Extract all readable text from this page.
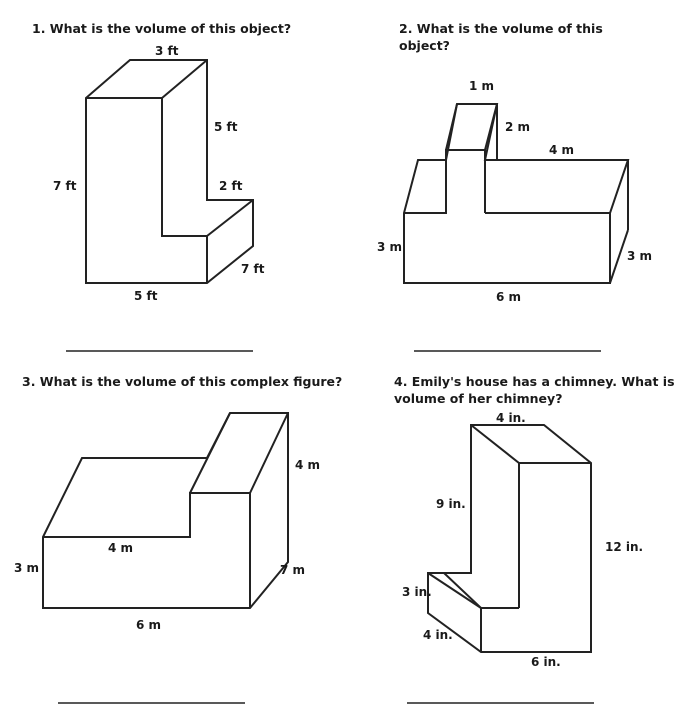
1. What is the volume of this object?	2. What is the volume of this object?
3. What is the volume of this complex figure?	4. Emily's house has a chimney. What is
volume of her chimney?
3 ft
7 ft
5 ft
2 ft
7 ft
5 ft
1 m
2 m
4 m
3 m
3 m
6 m
4 m
4 m
3 m	7 m
6 m
4 in.
9 in.
12 in.
3 in.
4 in.
6 in.
